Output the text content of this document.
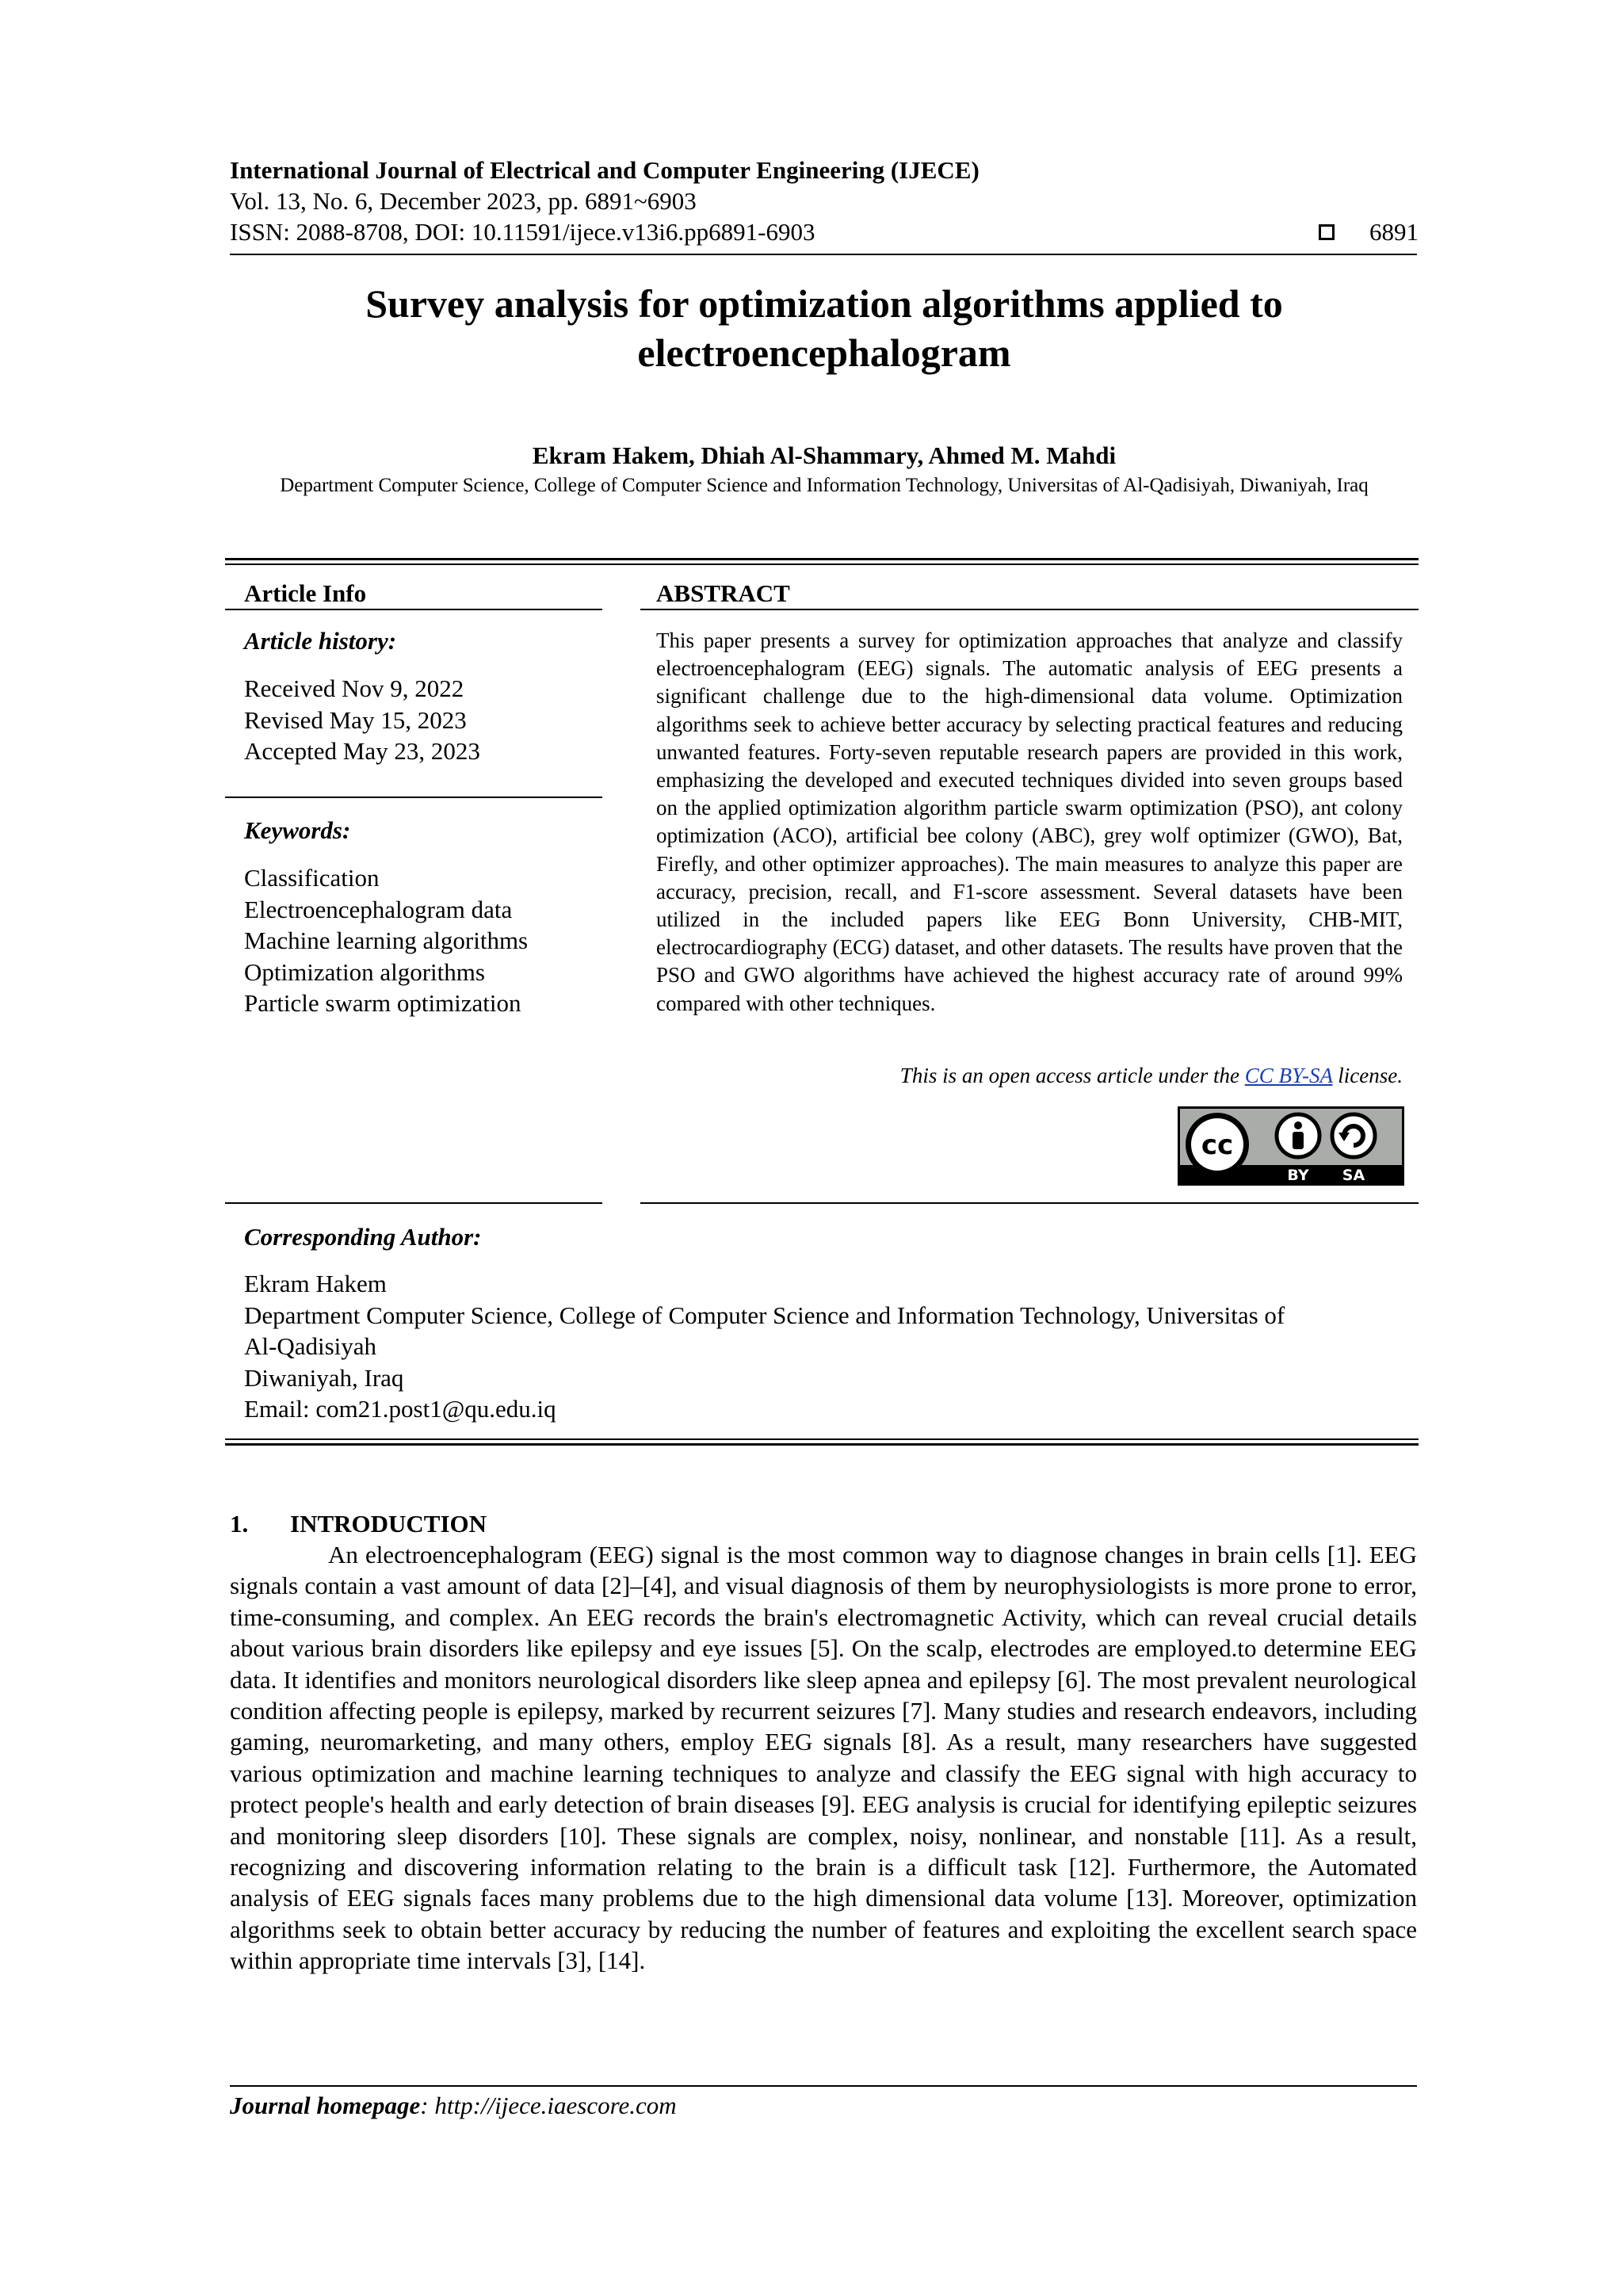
International Journal of Electrical and Computer Engineering (IJECE)
Vol. 13, No. 6, December 2023, pp. 6891~6903
ISSN: 2088-8708, DOI: 10.11591/ijece.v13i6.pp6891-6903	6891
Survey analysis for optimization algorithms applied to
electroencephalogram
Ekram Hakem, Dhiah Al-Shammary, Ahmed M. Mahdi
Department Computer Science, College of Computer Science and Information Technology, Universitas of Al-Qadisiyah, Diwaniyah, Iraq
Article Info
Article history:
Received Nov 9, 2022
Revised May 15, 2023
Accepted May 23, 2023
Keywords:
Classification
Electroencephalogram data
Machine learning algorithms
Optimization algorithms
Particle swarm optimization
ABSTRACT
This paper presents a survey for optimization approaches that analyze and classify electroencephalogram (EEG) signals. The automatic analysis of EEG presents a significant challenge due to the high-dimensional data volume. Optimization algorithms seek to achieve better accuracy by selecting practical features and reducing unwanted features. Forty-seven reputable research papers are provided in this work, emphasizing the developed and executed techniques divided into seven groups based on the applied optimization algorithm particle swarm optimization (PSO), ant colony optimization (ACO), artificial bee colony (ABC), grey wolf optimizer (GWO), Bat, Firefly, and other optimizer approaches). The main measures to analyze this paper are accuracy, precision, recall, and F1-score assessment. Several datasets have been utilized in the included papers like EEG Bonn University, CHB-MIT, electrocardiography (ECG) dataset, and other datasets. The results have proven that the PSO and GWO algorithms have achieved the highest accuracy rate of around 99% compared with other techniques.
This is an open access article under the CC BY-SA license.
cc
BY SA
Corresponding Author:
Ekram Hakem
Department Computer Science, College of Computer Science and Information Technology, Universitas of
Al-Qadisiyah
Diwaniyah, Iraq
Email: com21.post1@qu.edu.iq
1. INTRODUCTION
An electroencephalogram (EEG) signal is the most common way to diagnose changes in brain cells [1]. EEG signals contain a vast amount of data [2]–[4], and visual diagnosis of them by neurophysiologists is more prone to error, time-consuming, and complex. An EEG records the brain's electromagnetic Activity, which can reveal crucial details about various brain disorders like epilepsy and eye issues [5]. On the scalp, electrodes are employed.to determine EEG data. It identifies and monitors neurological disorders like sleep apnea and epilepsy [6]. The most prevalent neurological condition affecting people is epilepsy, marked by recurrent seizures [7]. Many studies and research endeavors, including gaming, neuromarketing, and many others, employ EEG signals [8]. As a result, many researchers have suggested various optimization and machine learning techniques to analyze and classify the EEG signal with high accuracy to protect people's health and early detection of brain diseases [9]. EEG analysis is crucial for identifying epileptic seizures and monitoring sleep disorders [10]. These signals are complex, noisy, nonlinear, and nonstable [11]. As a result, recognizing and discovering information relating to the brain is a difficult task [12]. Furthermore, the Automated analysis of EEG signals faces many problems due to the high dimensional data volume [13]. Moreover, optimization algorithms seek to obtain better accuracy by reducing the number of features and exploiting the excellent search space within appropriate time intervals [3], [14].
Journal homepage: http://ijece.iaescore.com
